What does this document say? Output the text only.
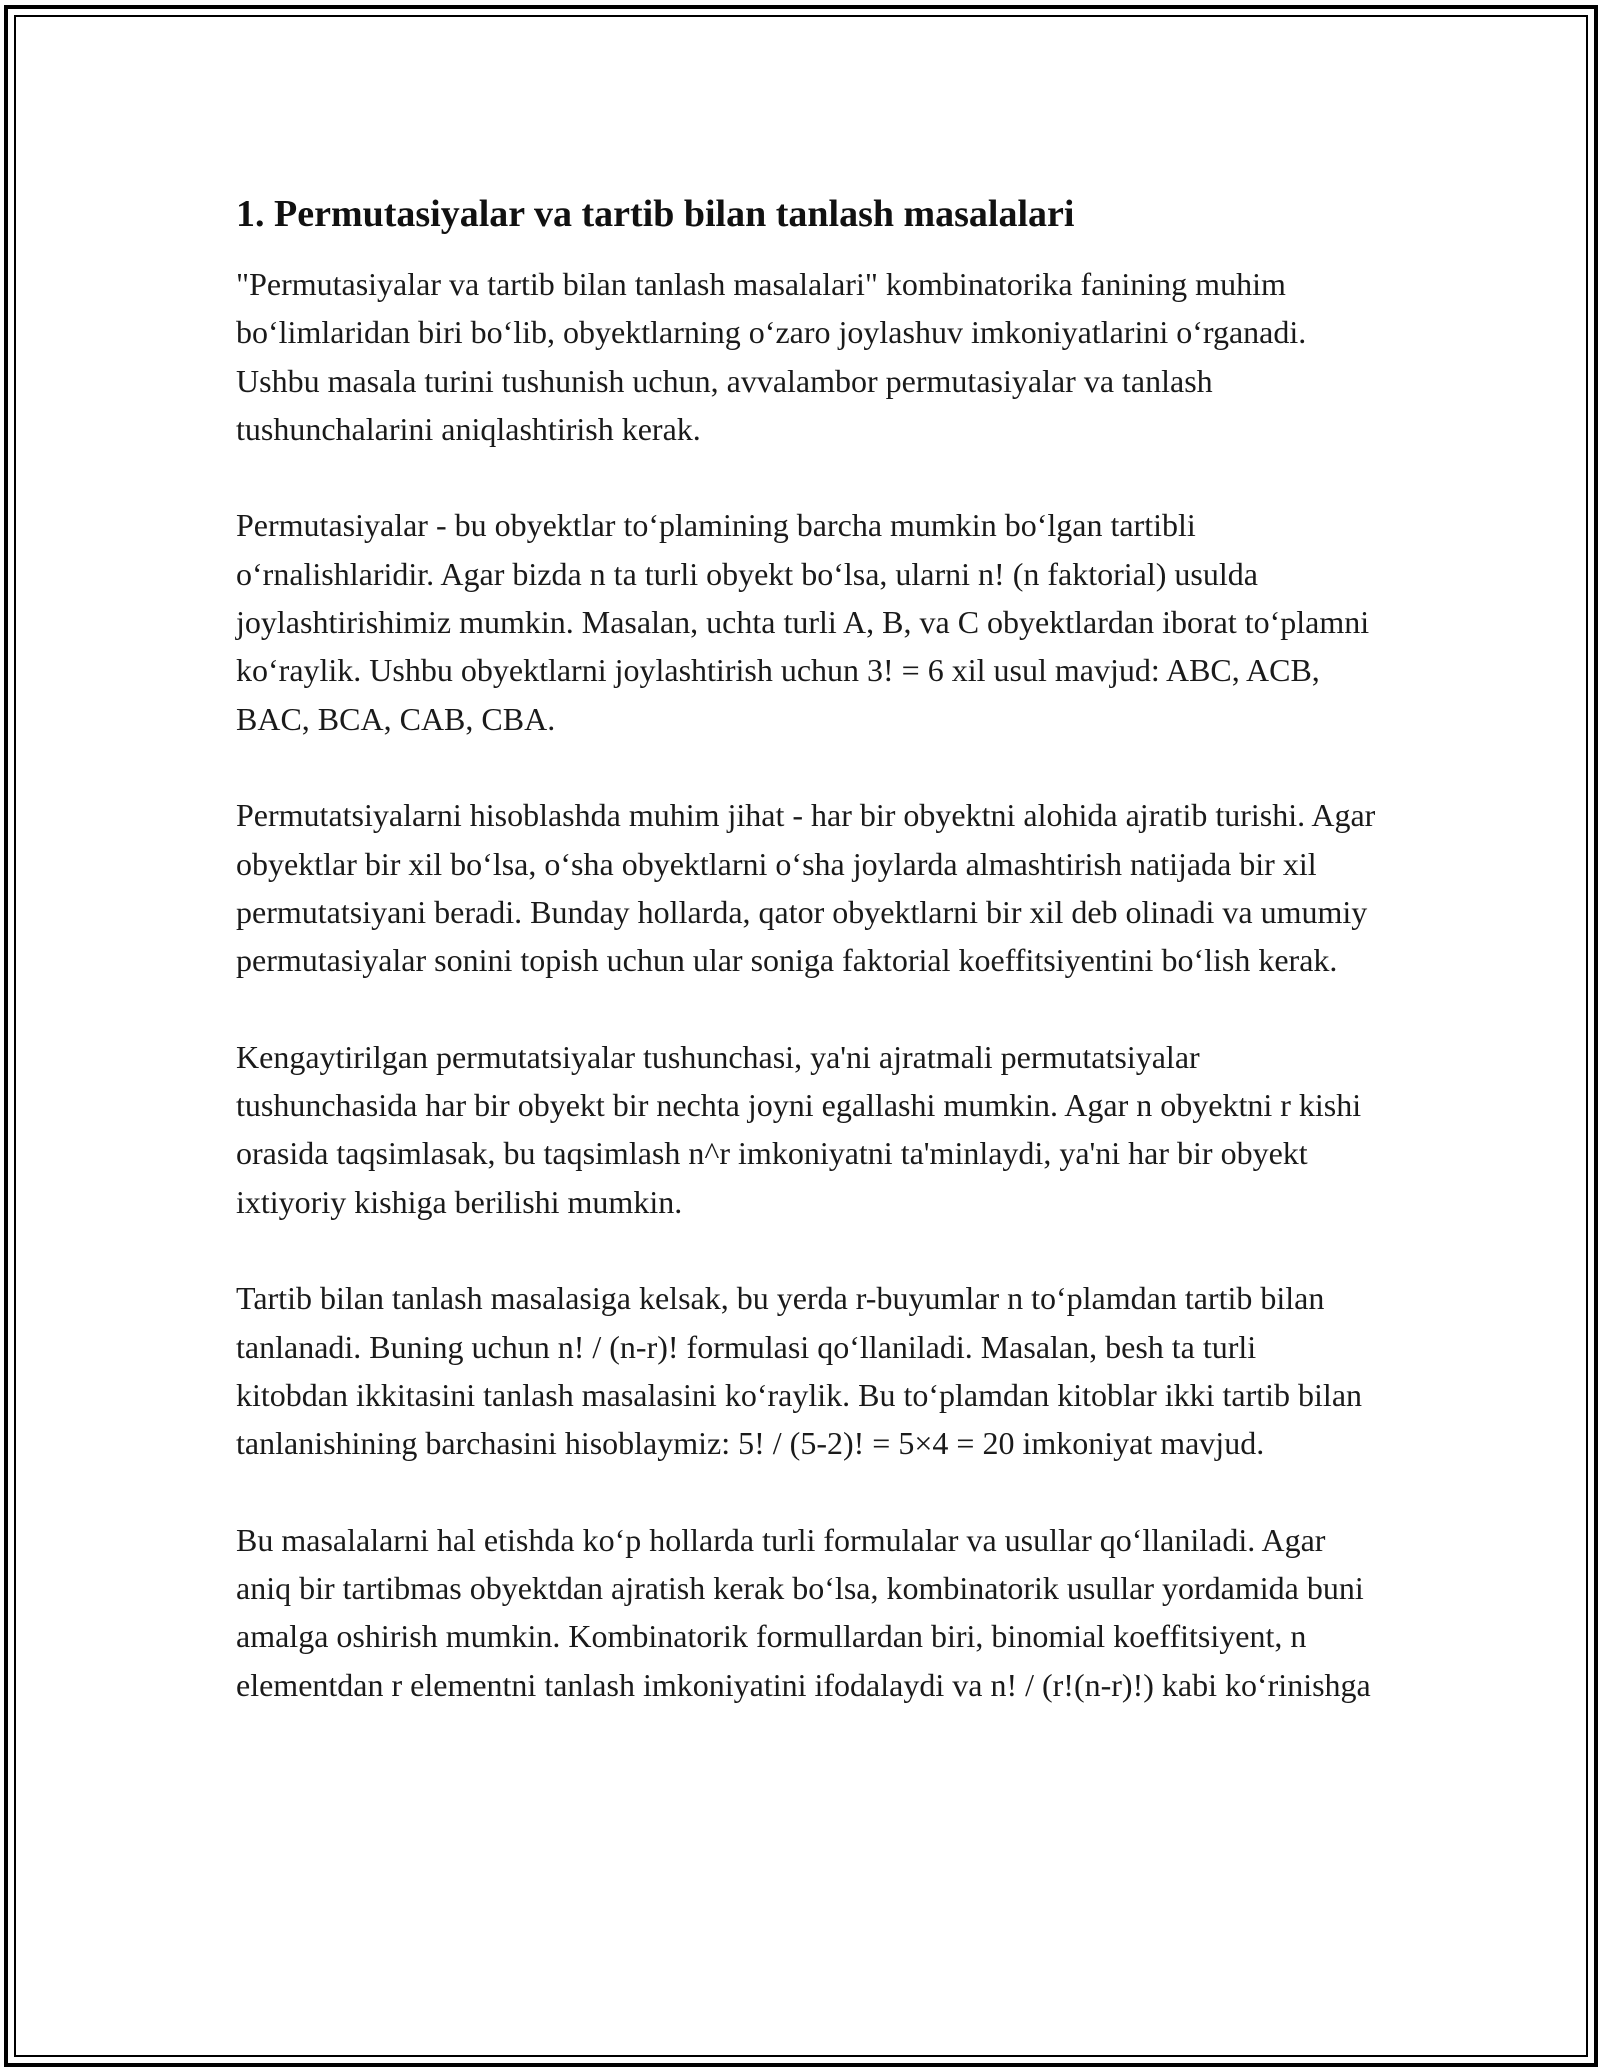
1. Permutasiyalar va tartib bilan tanlash masalalari

"Permutasiyalar va tartib bilan tanlash masalalari" kombinatorika fanining muhim bo‘limlaridan biri bo‘lib, obyektlarning o‘zaro joylashuv imkoniyatlarini o‘rganadi. Ushbu masala turini tushunish uchun, avvalambor permutasiyalar va tanlash tushunchalarini aniqlashtirish kerak.

Permutasiyalar - bu obyektlar to‘plamining barcha mumkin bo‘lgan tartibli o‘rnalishlaridir. Agar bizda n ta turli obyekt bo‘lsa, ularni n! (n faktorial) usulda joylashtirishimiz mumkin. Masalan, uchta turli A, B, va C obyektlardan iborat to‘plamni ko‘raylik. Ushbu obyektlarni joylashtirish uchun 3! = 6 xil usul mavjud: ABC, ACB, BAC, BCA, CAB, CBA.

Permutatsiyalarni hisoblashda muhim jihat - har bir obyektni alohida ajratib turishi. Agar obyektlar bir xil bo‘lsa, o‘sha obyektlarni o‘sha joylarda almashtirish natijada bir xil permutatsiyani beradi. Bunday hollarda, qator obyektlarni bir xil deb olinadi va umumiy permutasiyalar sonini topish uchun ular soniga faktorial koeffitsiyentini bo‘lish kerak.

Kengaytirilgan permutatsiyalar tushunchasi, ya'ni ajratmali permutatsiyalar tushunchasida har bir obyekt bir nechta joyni egallashi mumkin. Agar n obyektni r kishi orasida taqsimlasak, bu taqsimlash n^r imkoniyatni ta'minlaydi, ya'ni har bir obyekt ixtiyoriy kishiga berilishi mumkin.

Tartib bilan tanlash masalasiga kelsak, bu yerda r-buyumlar n to‘plamdan tartib bilan tanlanadi. Buning uchun n! / (n-r)! formulasi qo‘llaniladi. Masalan, besh ta turli kitobdan ikkitasini tanlash masalasini ko‘raylik. Bu to‘plamdan kitoblar ikki tartib bilan tanlanishining barchasini hisoblaymiz: 5! / (5-2)! = 5×4 = 20 imkoniyat mavjud.

Bu masalalarni hal etishda ko‘p hollarda turli formulalar va usullar qo‘llaniladi. Agar aniq bir tartibmas obyektdan ajratish kerak bo‘lsa, kombinatorik usullar yordamida buni amalga oshirish mumkin. Kombinatorik formullardan biri, binomial koeffitsiyent, n elementdan r elementni tanlash imkoniyatini ifodalaydi va n! / (r!(n-r)!) kabi ko‘rinishga
